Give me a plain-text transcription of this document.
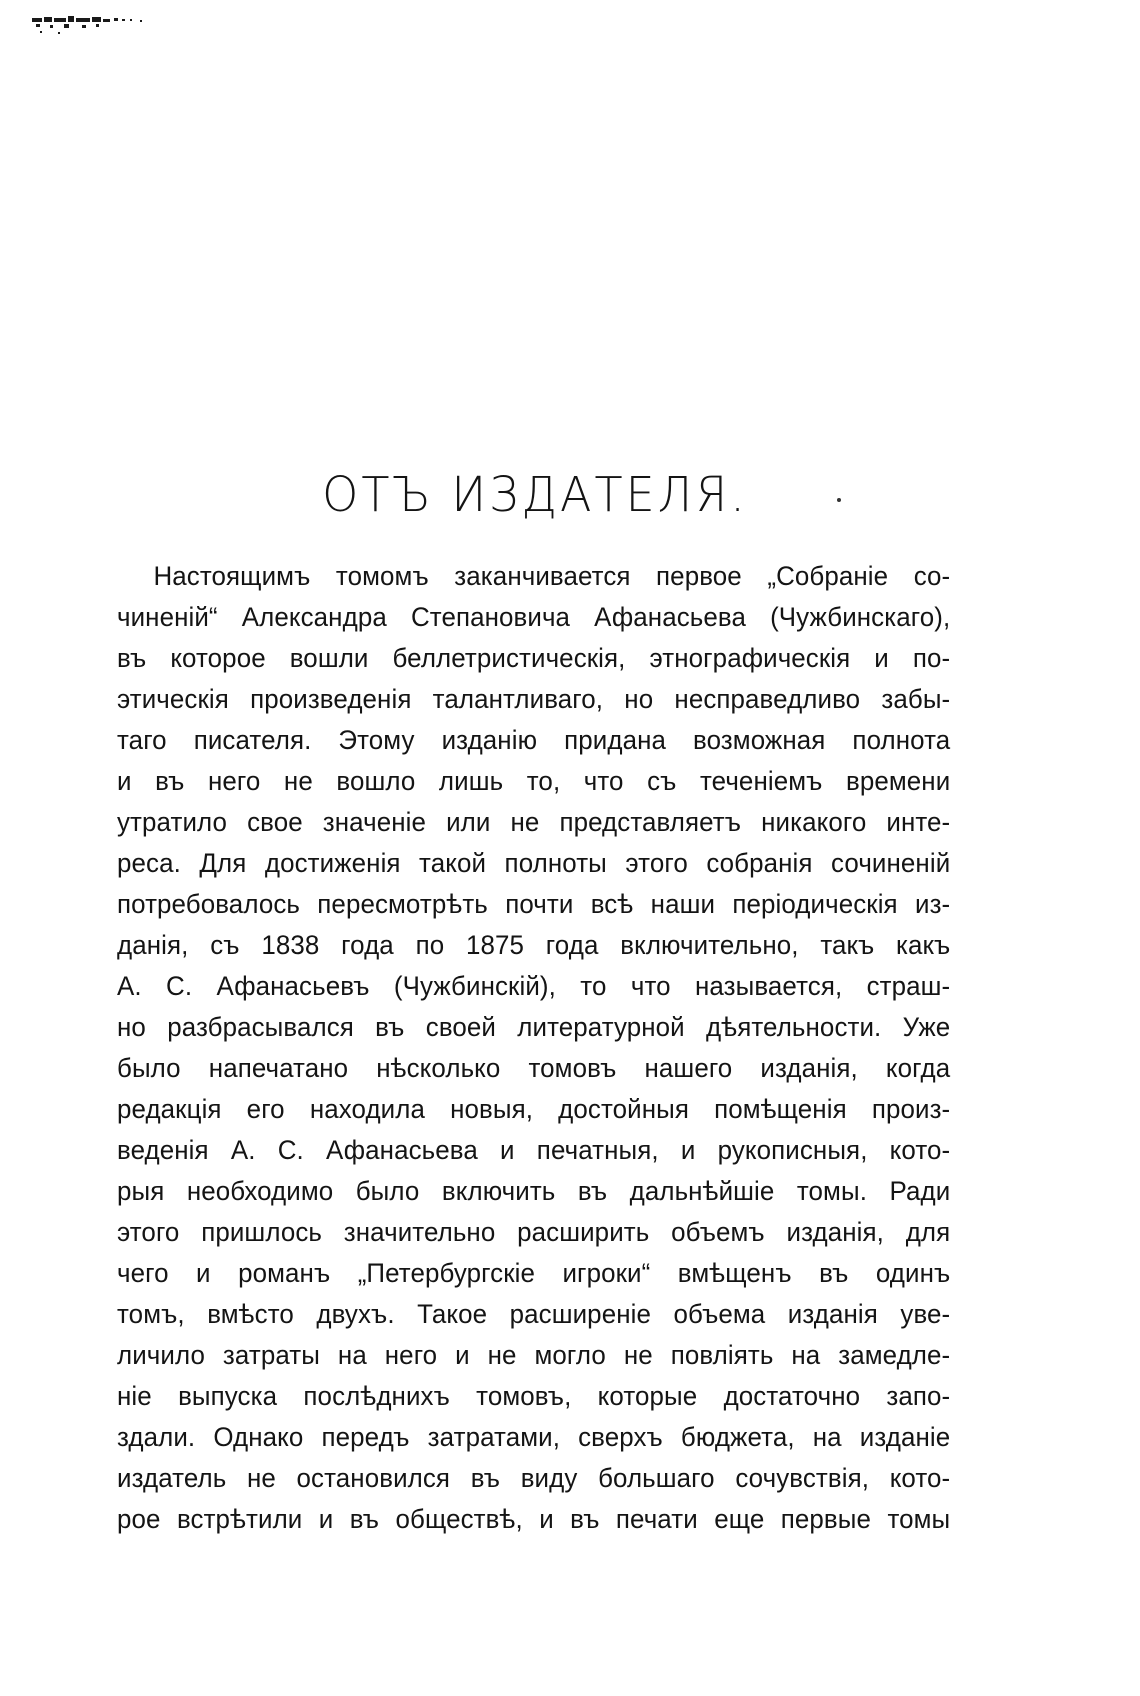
ОТЪ ИЗДАТЕЛЯ.
Настоящимъ томомъ заканчивается первое „Собраніе со-
чиненій“ Александра Степановича Афанасьева (Чужбинскаго),
въ которое вошли беллетристическія, этнографическія и по-
этическія произведенія талантливаго, но несправедливо забы-
таго писателя. Этому изданію придана возможная полнота
и въ него не вошло лишь то, что съ теченіемъ времени
утратило свое значеніе или не представляетъ никакого инте-
реса. Для достиженія такой полноты этого собранія сочиненій
потребовалось пересмотрѣть почти всѣ наши періодическія из-
данія, съ 1838 года по 1875 года включительно, такъ какъ
А. С. Афанасьевъ (Чужбинскій), то что называется, страш-
но разбрасывался въ своей литературной дѣятельности. Уже
было напечатано нѣсколько томовъ нашего изданія, когда
редакція его находила новыя, достойныя помѣщенія произ-
веденія А. С. Афанасьева и печатныя, и рукописныя, кото-
рыя необходимо было включить въ дальнѣйшіе томы. Ради
этого пришлось значительно расширить объемъ изданія, для
чего и романъ „Петербургскіе игроки“ вмѣщенъ въ одинъ
томъ, вмѣсто двухъ. Такое расширеніе объема изданія уве-
личило затраты на него и не могло не повліять на замедле-
ніе выпуска послѣднихъ томовъ, которые достаточно запо-
здали. Однако передъ затратами, сверхъ бюджета, на изданіе
издатель не остановился въ виду большаго сочувствія, кото-
рое встрѣтили и въ обществѣ, и въ печати еще первые томы
